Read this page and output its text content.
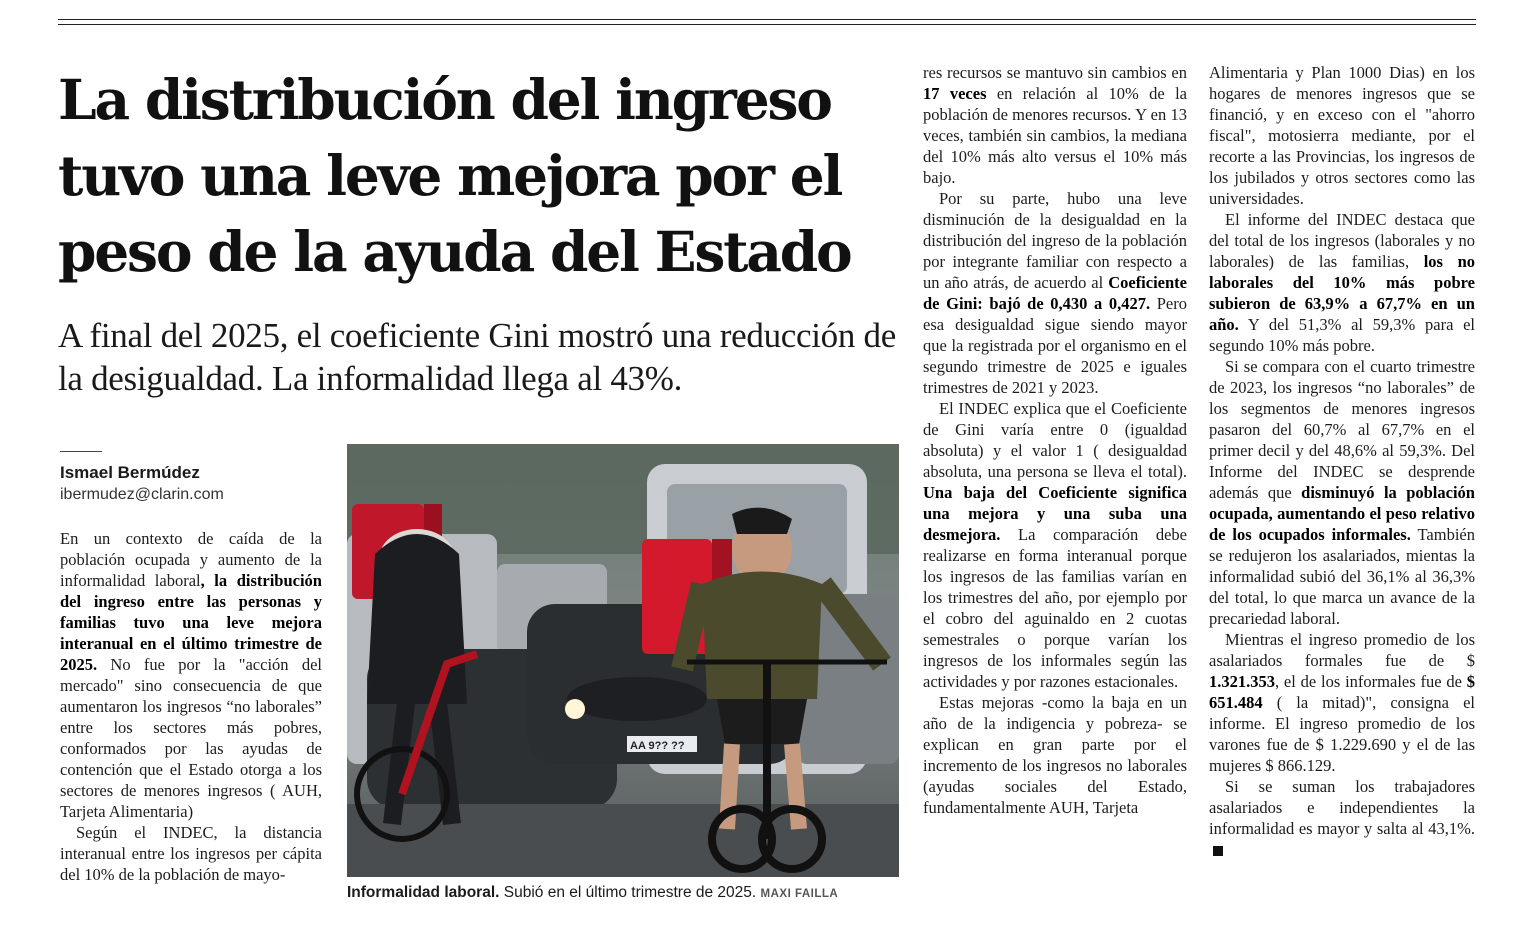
La distribución del ingreso tuvo una leve mejora por el peso de la ayuda del Estado

A final del 2025, el coeficiente Gini mostró una reducción de la desigualdad. La informalidad llega al 43%.

Ismael Bermúdez
ibermudez@clarin.com

En un contexto de caída de la población ocupada y aumento de la informalidad laboral, la distribución del ingreso entre las personas y familias tuvo una leve mejora interanual en el último trimestre de 2025. No fue por la "acción del mercado" sino consecuencia de que aumentaron los ingresos “no laborales” entre los sectores más pobres, conformados por las ayudas de contención que el Estado otorga a los sectores de menores ingresos ( AUH, Tarjeta Alimentaria)

Según el INDEC, la distancia interanual entre los ingresos per cápita del 10% de la población de mayo-

AA 9?? ??
Informalidad laboral. Subió en el último trimestre de 2025. MAXI FAILLA

res recursos se mantuvo sin cambios en 17 veces en relación al 10% de la población de menores recursos. Y en 13 veces, también sin cambios, la mediana del 10% más alto versus el 10% más bajo.

Por su parte, hubo una leve disminución de la desigualdad en la distribución del ingreso de la población por integrante familiar con respecto a un año atrás, de acuerdo al Coeficiente de Gini: bajó de 0,430 a 0,427. Pero esa desigualdad sigue siendo mayor que la registrada por el organismo en el segundo trimestre de 2025 e iguales trimestres de 2021 y 2023.

El INDEC explica que el Coeficiente de Gini varía entre 0 (igualdad absoluta) y el valor 1 ( desigualdad absoluta, una persona se lleva el total). Una baja del Coeficiente significa una mejora y una suba una desmejora. La comparación debe realizarse en forma interanual porque los ingresos de las familias varían en los trimestres del año, por ejemplo por el cobro del aguinaldo en 2 cuotas semestrales o porque varían los ingresos de los informales según las actividades y por razones estacionales.

Estas mejoras -como la baja en un año de la indigencia y pobreza- se explican en gran parte por el incremento de los ingresos no laborales (ayudas sociales del Estado, fundamentalmente AUH, Tarjeta

Alimentaria y Plan 1000 Dias) en los hogares de menores ingresos que se financió, y en exceso con el "ahorro fiscal", motosierra mediante, por el recorte a las Provincias, los ingresos de los jubilados y otros sectores como las universidades.

El informe del INDEC destaca que del total de los ingresos (laborales y no laborales) de las familias, los no laborales del 10% más pobre subieron de 63,9% a 67,7% en un año. Y del 51,3% al 59,3% para el segundo 10% más pobre.

Si se compara con el cuarto trimestre de 2023, los ingresos “no laborales” de los segmentos de menores ingresos pasaron del 60,7% al 67,7% en el primer decil y del 48,6% al 59,3%. Del Informe del INDEC se desprende además que disminuyó la población ocupada, aumentando el peso relativo de los ocupados informales. También se redujeron los asalariados, mientas la informalidad subió del 36,1% al 36,3% del total, lo que marca un avance de la precariedad laboral.

Mientras el ingreso promedio de los asalariados formales fue de $ 1.321.353, el de los informales fue de $ 651.484 ( la mitad)", consigna el informe. El ingreso promedio de los varones fue de $ 1.229.690 y el de las mujeres $ 866.129.

Si se suman los trabajadores asalariados e independientes la informalidad es mayor y salta al 43,1%.
